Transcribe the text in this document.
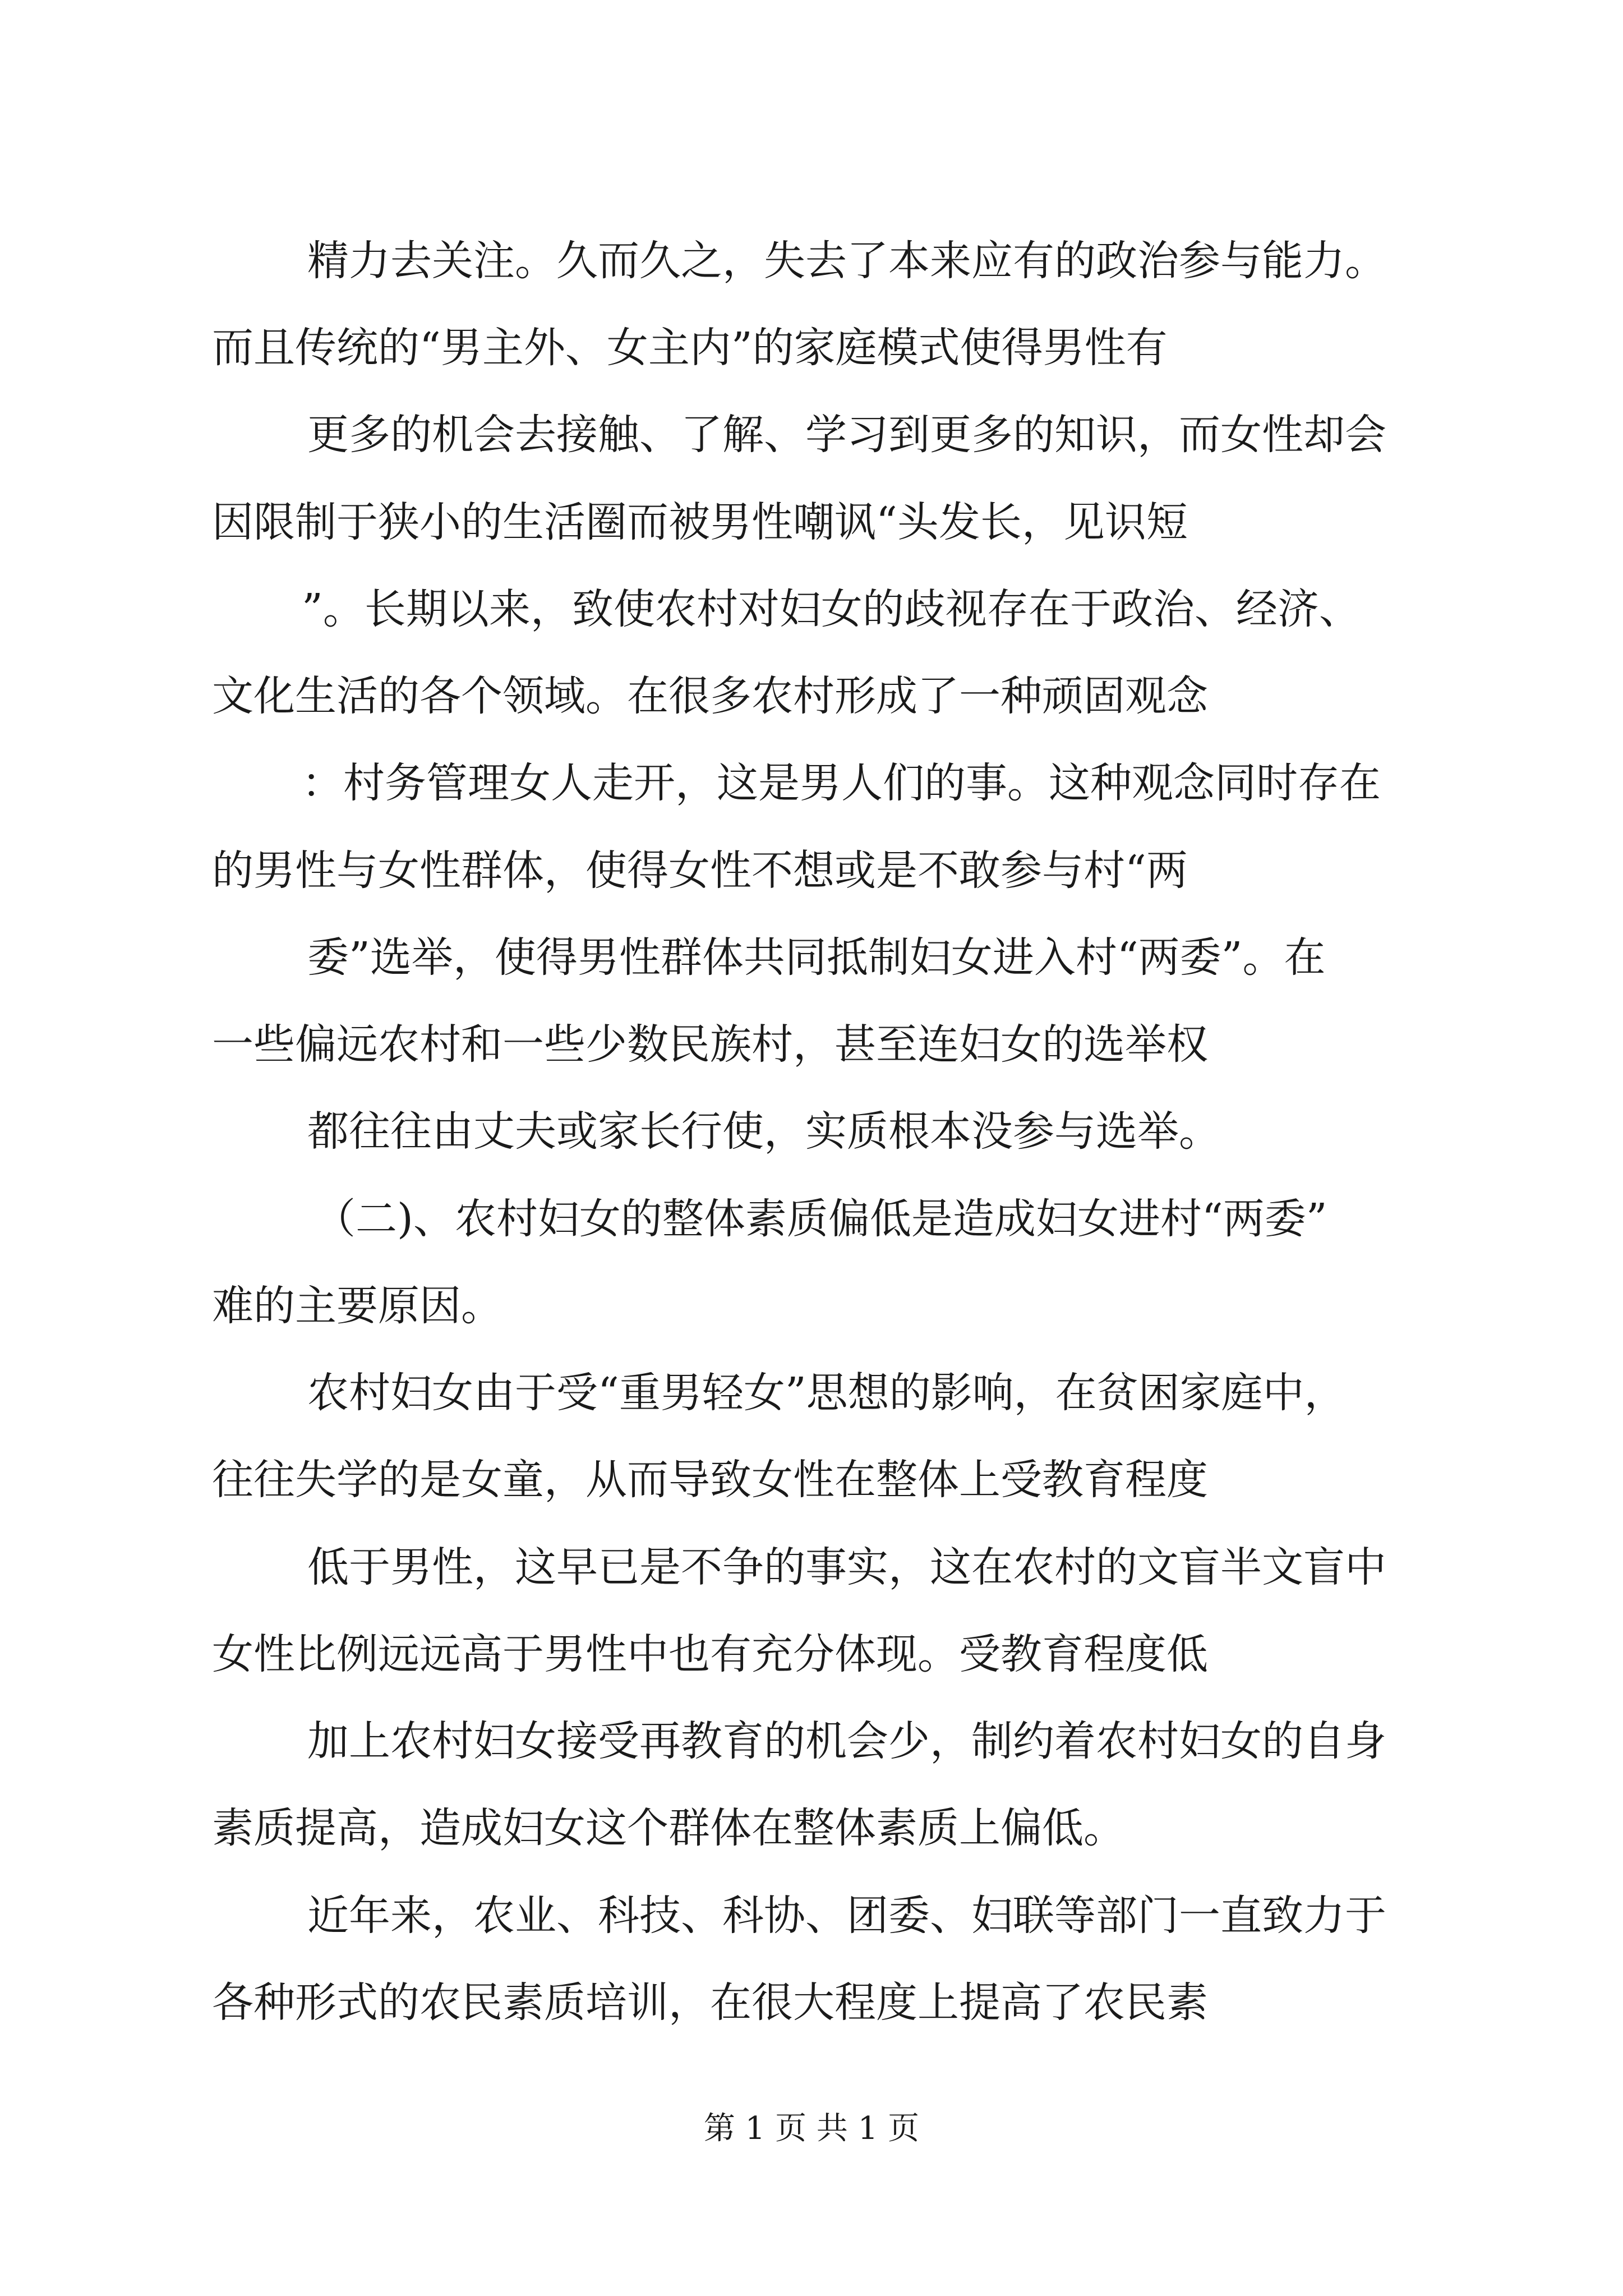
精力去关注。久而久之，失去了本来应有的政治参与能力。
而且传统的“男主外、女主内”的家庭模式使得男性有
更多的机会去接触、了解、学习到更多的知识，而女性却会
因限制于狭小的生活圈而被男性嘲讽“头发长，见识短
”。长期以来，致使农村对妇女的歧视存在于政治、经济、
文化生活的各个领域。在很多农村形成了一种顽固观念
：村务管理女人走开，这是男人们的事。这种观念同时存在
的男性与女性群体，使得女性不想或是不敢参与村“两
委”选举，使得男性群体共同抵制妇女进入村“两委”。在
一些偏远农村和一些少数民族村，甚至连妇女的选举权
都往往由丈夫或家长行使，实质根本没参与选举。
（二)、农村妇女的整体素质偏低是造成妇女进村“两委”
难的主要原因。
农村妇女由于受“重男轻女”思想的影响，在贫困家庭中，
往往失学的是女童，从而导致女性在整体上受教育程度
低于男性，这早已是不争的事实，这在农村的文盲半文盲中
女性比例远远高于男性中也有充分体现。受教育程度低
加上农村妇女接受再教育的机会少，制约着农村妇女的自身
素质提高，造成妇女这个群体在整体素质上偏低。
近年来，农业、科技、科协、团委、妇联等部门一直致力于
各种形式的农民素质培训，在很大程度上提高了农民素
第 1 页 共 1 页
